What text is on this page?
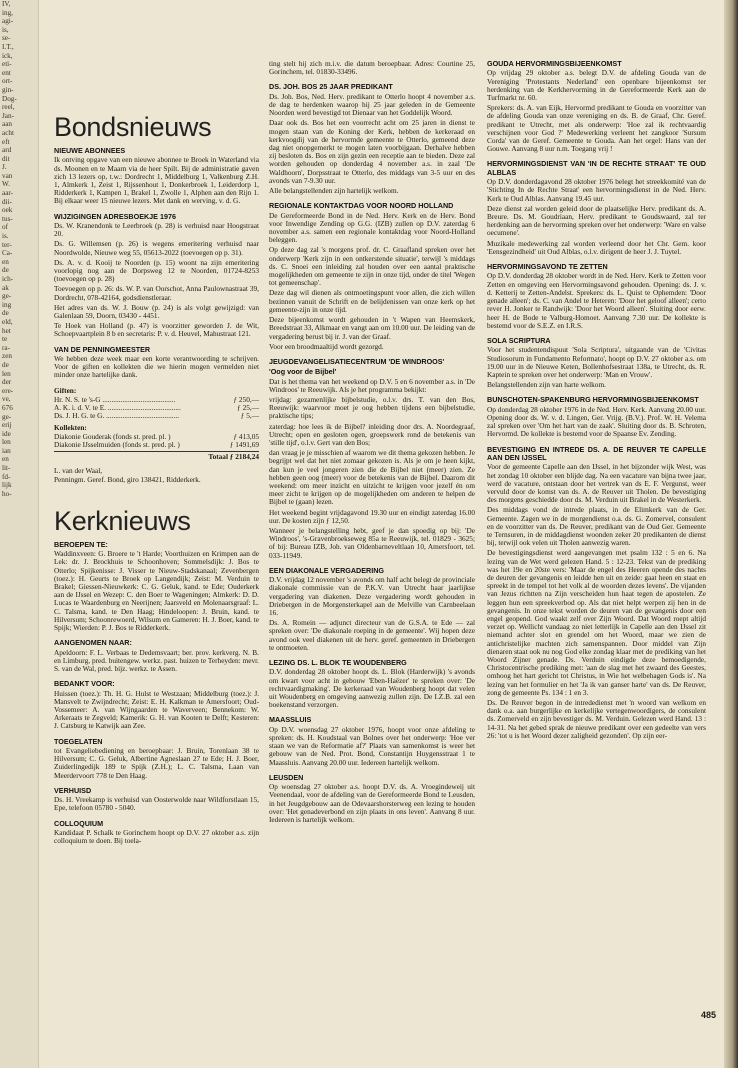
IV,
ing,
agi-
is,
se-
I.T.,
ick,
eti-
ent
ort-
gin-
Dog-
reel,
Jan-
aan
acht
eft
ard
dit
J.
van
W.
aar-
dii-
oek
tus-
of
is.
ter-
Ca-
en
de
ich-
ak
ge-
ing
de
eld,
het
te
ra-
zen
de
len
der
ere-
ve,
676
ge-
erij
ide
len
ian
en
lit-
fd-
lijk
ho-
Bondsnieuws
NIEUWE ABONNEES

Ik ontving opgave van een nieuwe abonnee te Broek in Waterland via ds. Moonen en te Maarn via de heer Spilt. Bij de administratie gaven zich 13 lezers op, t.w.: Dordrecht 1, Middelburg 1, Valkenburg Z.H. 1, Almkerk 1, Zeist 1, Rijssenhout 1, Donkerbroek 1, Leiderdorp 1, Ridderkerk 1, Kampen 1, Brakel 1, Zwolle 1, Alphen aan den Rijn 1. Bij elkaar weer 15 nieuwe lezers. Met dank en werving, v. d. G.

WIJZIGINGEN ADRESBOEKJE 1976

Ds. W. Kranendonk te Leerbroek (p. 28) is verhuisd naar Hoogstraat 20.

Ds. G. Willemsen (p. 26) is wegens emeritering verhuisd naar Noordwolde, Nieuwe weg 55, 05613-2022 (toevoegen op p. 31).

Ds. A. v. d. Kooij te Noorden (p. 15) woont na zijn emeritering voorlopig nog aan de Dorpsweg 12 te Noorden, 01724-8253 (toevoegen op p. 28)

Toevoegen op p. 26: ds. W. P. van Oorschot, Anna Paulownastraat 39, Dordrecht, 078-42164, godsdienstleraar.

Het adres van ds. W. J. Bouw (p. 24) is als volgt gewijzigd: van Galenlaan 59, Doorn, 03430 - 4451.

Te Hoek van Holland (p. 47) is voorzitter geworden J. de Wit, Schoepvaartplein 8 b en secretaris: P. v. d. Heuvel, Mahustraat 121.

VAN DE PENNINGMEESTER

We hebben deze week maar een korte verantwoording te schrijven. Voor de giften en kollekten die we hierin mogen vermelden niet minder onze hartelijke dank.

Giften:

Hr. N. S. te 's-G ........................................	ƒ 250,—
A. K. i. d. V. te E. ........................................	ƒ 25,—
Ds. J. H. G. te G. ........................................	ƒ 5,—

Kollekten:

Diakonie Gouderak (fonds st. pred. pl. )	ƒ 413,05
Diakonie IJsselmuiden (fonds st. pred. pl. )	ƒ 1491,69

Totaal ƒ 2184,24

L. van der Waal,

Penningm. Geref. Bond, giro 138421, Ridderkerk.

Kerknieuws
BEROEPEN TE:

Waddinxveen: G. Broere te 't Harde; Voorthuizen en Krimpen aan de Lek: dr. J. Brockhuis te Schoonhoven; Sommelsdijk: J. Bos te Otterlo; Spijkenisse: J. Visser te Nieuw-Stadskanaal; Zevenbergen (toez.): H. Geurts te Broek op Langendijk; Zeist: M. Verduin te Brakel; Giessen-Nieuwkerk: C. G. Geluk, kand. te Ede; Ouderkerk aan de IJssel en Wezep: C. den Boer te Wageningen; Almkerk: D. D. Lucas te Waardenburg en Neerijnen; Jaarsveld en Molenaarsgraaf: L. C. Talsma, kand. te Den Haag; Hindeloopen: J. Bruin, kand. te Hilversum; Schoonrewoerd, Wilsum en Gameren: H. J. Boer, kand. te Spijk; Wierden: P. J. Bos te Ridderkerk.

AANGENOMEN NAAR:

Apeldoorn: F. L. Verbaas te Dedemsvaart; ber. prov. kerkverg. N. B. en Limburg, pred. buitengew. werkz. past. huizen te Terheyden: mevr. S. van de Wal, pred. bijz. werkz. te Assen.

BEDANKT VOOR:

Huissen (toez.): Th. H. G. Hulst te Westzaan; Middelburg (toez.): J. Mansvelt te Zwijndrecht; Zeist: E. H. Kalkman te Amersfoort; Oud-Vossemeer: A. van Wijngaarden te Waverveen; Bennekom: W. Arkeraats te Zegveld; Kamerik: G. H. van Kooten te Delft; Kesteren: J. Catsburg te Katwijk aan Zee.

TOEGELATEN

tot Evangeliebediening en beroepbaar: J. Bruin, Torenlaan 38 te Hilversum; C. G. Geluk, Albertine Agneslaan 27 te Ede; H. J. Boer, Zuiderlingedijk 189 te Spijk (Z.H.); L. C. Talsma, Laan van Meerdervoort 778 te Den Haag.

VERHUISD

Ds. H. Vreekamp is verhuisd van Oosterwolde naar Wildforstlaan 15, Epe, telefoon 05780 - 5040.

COLLOQUIUM

Kandidaat P. Schalk te Gorinchem hoopt op D.V. 27 oktober a.s. zijn colloquium te doen. Bij toela-

ting stelt hij zich m.i.v. die datum beroepbaar. Adres: Courtine 25, Gorinchem, tel. 01830-33496.

DS. JOH. BOS 25 JAAR PREDIKANT

Ds. Joh. Bos, Ned. Herv. predikant te Otterlo hoopt 4 november a.s. de dag te herdenken waarop hij 25 jaar geleden in de Gemeente Noorden werd bevestigd tot Dienaar van het Goddelijk Woord.

Daar ook ds. Bos het een voorrecht acht om 25 jaren in dienst te mogen staan van de Koning der Kerk, hebben de kerkeraad en kerkvoogdij van de hervormde gemeente te Otterlo, gemeend deze dag niet onopgemerkt te mogen laten voorbijgaan. Derhalve hebben zij besloten ds. Bos en zijn gezin een receptie aan te bieden. Deze zal worden gehouden op donderdag 4 november a.s. in zaal 'De Waldhoorn', Dorpsstraat te Otterlo, des middags van 3-5 uur en des avonds van 7-9.30 uur.

Alle belangstellenden zijn hartelijk welkom.

REGIONALE KONTAKTDAG VOOR NOORD HOLLAND

De Gereformeerde Bond in de Ned. Herv. Kerk en de Herv. Bond voor Inwendige Zending op G.G. (IZB) zullen op D.V. zaterdag 6 november a.s. samen een regionale kontaktdag voor Noord-Holland beleggen.

Op deze dag zal 's morgens prof. dr. C. Graafland spreken over het onderwerp 'Kerk zijn in een ontkerstende situatie', terwijl 's middags ds. C. Snoei een inleiding zal houden over een aantal praktische mogelijkheden om gemeente te zijn in onze tijd, onder de titel 'Wegen tot gemeenschap'.

Deze dag wil dienen als ontmoetingspunt voor allen, die zich willen bezinnen vanuit de Schrift en de belijdenissen van onze kerk op het gemeente-zijn in onze tijd.

Deze bijeenkomst wordt gehouden in 't Wapen van Heemskerk, Breedstraat 33, Alkmaar en vangt aan om 10.00 uur. De leiding van de vergadering berust bij ir. J. van der Graaf.

Voor een broodmaaltijd wordt gezorgd.

JEUGDEVANGELISATIECENTRUM 'DE WINDROOS'
'Oog voor de Bijbel'

Dat is het thema van het weekend op D.V. 5 en 6 november a.s. in 'De Windroos' te Reeuwijk. Als je het programma bekijkt:

vrijdag: gezamenlijke bijbelstudie, o.l.v. drs. T. van den Bos, Reeuwijk: waarvoor moet je oog hebben tijdens een bijbelstudie, praktische tips;

zaterdag: hoe lees ik de Bijbel? inleiding door drs. A. Noordegraaf, Utrecht; open en gesloten ogen, groepswerk rond de betekenis van 'stille tijd', o.l.v. Gert van den Bos;

dan vraag je je misschien af waarom we dit thema gekozen hebben. Je begrijpt wel dat het niet zomaar gekozen is. Als je om je heen kijkt, dan kun je veel jongeren zien die de Bijbel niet (meer) zien. Ze hebben geen oog (meer) voor de betekenis van de Bijbel. Daarom dit weekend: om meer inzicht en uitzicht te krijgen voor jezelf én om meer zicht te krijgen op de mogelijkheden om anderen te helpen de Bijbel te (gaan) lezen.

Het weekend begint vrijdagavond 19.30 uur en eindigt zaterdag 16.00 uur. De kosten zijn ƒ 12,50.

Wanneer je belangstelling hebt, geef je dan spoedig op bij: 'De Windroos', 's-Gravenbroekseweg 85a te Reeuwijk, tel. 01829 - 3625; of bij: Bureau IZB, Joh. van Oldenbarneveltlaan 10, Amersfoort, tel. 033-11949.

EEN DIAKONALE VERGADERING

D.V. vrijdag 12 november 's avonds om half acht belegt de provinciale diakonale commissie van de P.K.V. van Utrecht haar jaarlijkse vergadering van diakenen. Deze vergadering wordt gehouden in Driebergen in de Morgensterkapel aan de Melville van Carnbeelaan 16.

Ds. A. Romein — adjunct directeur van de G.S.A. te Ede — zal spreken over: 'De diakonale roeping in de gemeente'. Wij hopen deze avond ook veel diakenen uit de herv. geref. gemeenten in Driebergen te ontmoeten.

LEZING DS. L. BLOK TE WOUDENBERG

D.V. donderdag 28 oktober hoopt ds. L. Blok (Harderwijk) 's avonds om kwart voor acht in gebouw 'Eben-Haëzer' te spreken over: 'De rechtvaardigmaking'. De kerkeraad van Woudenberg hoopt dat velen uit Woudenberg en omgeving aanwezig zullen zijn. De I.Z.B. zal een boekenstand verzorgen.

MAASSLUIS

Op D.V. woensdag 27 oktober 1976, hoopt voor onze afdeling te spreken: ds. H. Koudstaal van Bolnes over het onderwerp: 'Hoe ver staan we van de Reformatie af?' Plaats van samenkomst is weer het gebouw van de Ned. Prot. Bond, Constantijn Huygensstraat 1 te Maassluis. Aanvang 20.00 uur. Iedereen hartelijk welkom.

LEUSDEN

Op woensdag 27 oktober a.s. hoopt D.V. ds. A. Vroegindeweij uit Veenendaal, voor de afdeling van de Gereformeerde Bond te Leusden, in het Jeugdgebouw aan de Odevaarshorsterweg een lezing te houden over: 'Het genadeverbond en zijn plaats in ons leven'. Aanvang 8 uur. Iedereen is hartelijk welkom.

GOUDA HERVORMINGSBIJEENKOMST

Op vrijdag 29 oktober a.s. belegt D.V. de afdeling Gouda van de Vereniging 'Protestants Nederland' een openbare bijeenkomst ter herdenking van de Kerkhervorming in de Gereformeerde Kerk aan de Turfmarkt nr. 60.

Sprekers: ds. A. van Eijk, Hervormd predikant te Gouda en voorzitter van de afdeling Gouda van onze vereniging en ds. B. de Graaf, Chr. Geref. predikant te Utrecht, met als onderwerp: 'Hoe zal ik rechtvaardig verschijnen voor God ?' Medewerking verleent het zangkoor 'Sursum Corda' van de Geref. Gemeente te Gouda. Aan het orgel: Hans van der Gouwe. Aanvang 8 uur n.m. Toegang vrij !

HERVORMINGSDIENST VAN 'IN DE RECHTE STRAAT' TE OUD ALBLAS

Op D.V. donderdagavond 28 oktober 1976 belegt het streekkomité van de 'Stichting In de Rechte Straat' een hervormingsdienst in de Ned. Herv. Kerk te Oud Alblas. Aanvang 19.45 uur.

Deze dienst zal worden geleid door de plaatselijke Herv. predikant ds. A. Breure. Ds. M. Goudriaan, Herv. predikant te Goudswaard, zal ter herdenking aan de hervorming spreken over het onderwerp: 'Ware en valse oecumene'.

Muzikale medewerking zal worden verleend door het Chr. Gem. koor 'Eensgezindheid' uit Oud Alblas, o.l.v. dirigent de heer J. J. Tuytel.

HERVORMINGSAVOND TE ZETTEN

Op D.V. donderdag 28 oktober wordt in de Ned. Herv. Kerk te Zetten voor Zetten en omgeving een Hervormingsavond gehouden. Opening: ds. J. v. d. Ketterij te Zetten-Andelst. Sprekers: ds. L. Quist te Ophemden: 'Door genade alleen'; ds. C. van Andel te Heteren: 'Door het geloof alleen'; certo rever H. Jonker te Randwijk: 'Door het Woord alleen'. Sluiting door eerw. heer H. de Bode te Valburg-Homoet. Aanvang 7.30 uur. De kollekte is bestemd voor de S.E.Z. en I.R.S.

SOLA SCRIPTURA

Voor het studentendispuut 'Sola Scriptura', uitgaande van de 'Civitas Studiosorum in Fundamento Reformato', hoopt op D.V. 27 oktober a.s. om 19.00 uur in de Nieuwe Keten, Bollenhofsestraat 138a, te Utrecht, ds. R. Kaptein te spreken over het onderwerp: 'Man en Vrouw'.

Belangstellenden zijn van harte welkom.

BUNSCHOTEN-SPAKENBURG HERVORMINGSBIJEENKOMST

Op donderdag 28 oktober 1976 in de Ned. Herv. Kerk. Aanvang 20.00 uur. Opening door ds. W. v. d. Lingen, Ger. Vrijg. (B.V.). Prof. W. H. Velema zal spreken over 'Om het hart van de zaak'. Sluiting door ds. B. Schroten, Hervormd. De kollekte is bestemd voor de Spaanse Ev. Zending.

BEVESTIGING EN INTREDE DS. A. DE REUVER TE CAPELLE AAN DEN IJSSEL

Voor de gemeente Capelle aan den IJssel, in het bijzonder wijk West, was het zondag 10 oktober een blijde dag. Na een vacature van bijna twee jaar, werd de vacature, ontstaan door het vertrek van ds E. F. Vergunst, weer vervuld door de komst van ds. A. de Reuver uit Tholen. De bevestiging des morgens geschiedde door ds. M. Verduin uit Brakel in de Westerkerk.

Des middags vond de intrede plaats, in de Elimkerk van de Ger. Gemeente. Zagen we in de morgendienst o.a. ds. G. Zomervel, consulent en de voorzitter van ds. De Reuver, predikant van de Oud Ger. Gemeente te Ternsuren, in de middagdienst woonden zeker 20 predikanten de dienst bij, terwijl ook velen uit Tholen aanwezig waren.

De bevestigingsdienst werd aangevangen met psalm 132 : 5 en 6. Na lezing van de Wet werd gelezen Hand. 5 : 12-23. Tekst van de prediking was het 19e en 20ste vers: 'Maar de engel des Heeren opende des nachts de deuren der gevangenis en leidde hen uit en zeide: gaat heen en staat en spreekt in de tempel tot het volk al de woorden dezes levens'. De vijanden van Jezus richtten na Zijn verscheiden hun haat tegen de apostelen. Ze leggen hun een spreekverbod op. Als dat niet helpt werpen zij hen in de gevangenis. In onze tekst worden de deuren van de gevangenis door een engel geopend. God waakt zelf over Zijn Woord. Dat Woord roept altijd verzet op. Wellicht vandaag zo niet letterlijk in Capelle aan den IJssel zit niemand achter slot en grendel om het Woord, maar we zien de antichristelijke machten zich samenspannen. Door middel van Zijn dienaren staat ook nu nog God elke zondag klaar met de prediking van het Woord Zijner genade. Ds. Verduin eindigde deze bemoedigende, Christocentrische prediking met: 'aan de slag met het zwaard des Geestes, omhoog het hart gericht tot Christus, in Wie het welbehagen Gods is'. Na lezing van het formulier en het 'Ja ik van ganser harte' van ds. De Reuver, zong de gemeente Ps. 134 : 1 en 3.

Ds. De Reuver begon in de intrededienst met 'n woord van welkom en dank o.a. aan burgerlijke en kerkelijke vertegenwoordigers, de consulent ds. Zomerveld en zijn bevestiger ds. M. Verduin. Gelezen werd Hand. 13 : 14-31. Na het gebed sprak de nieuwe predikant over een gedeelte van vers 26: 'tot u is het Woord dezer zaligheid gezonden'. Op zijn eer-

485
